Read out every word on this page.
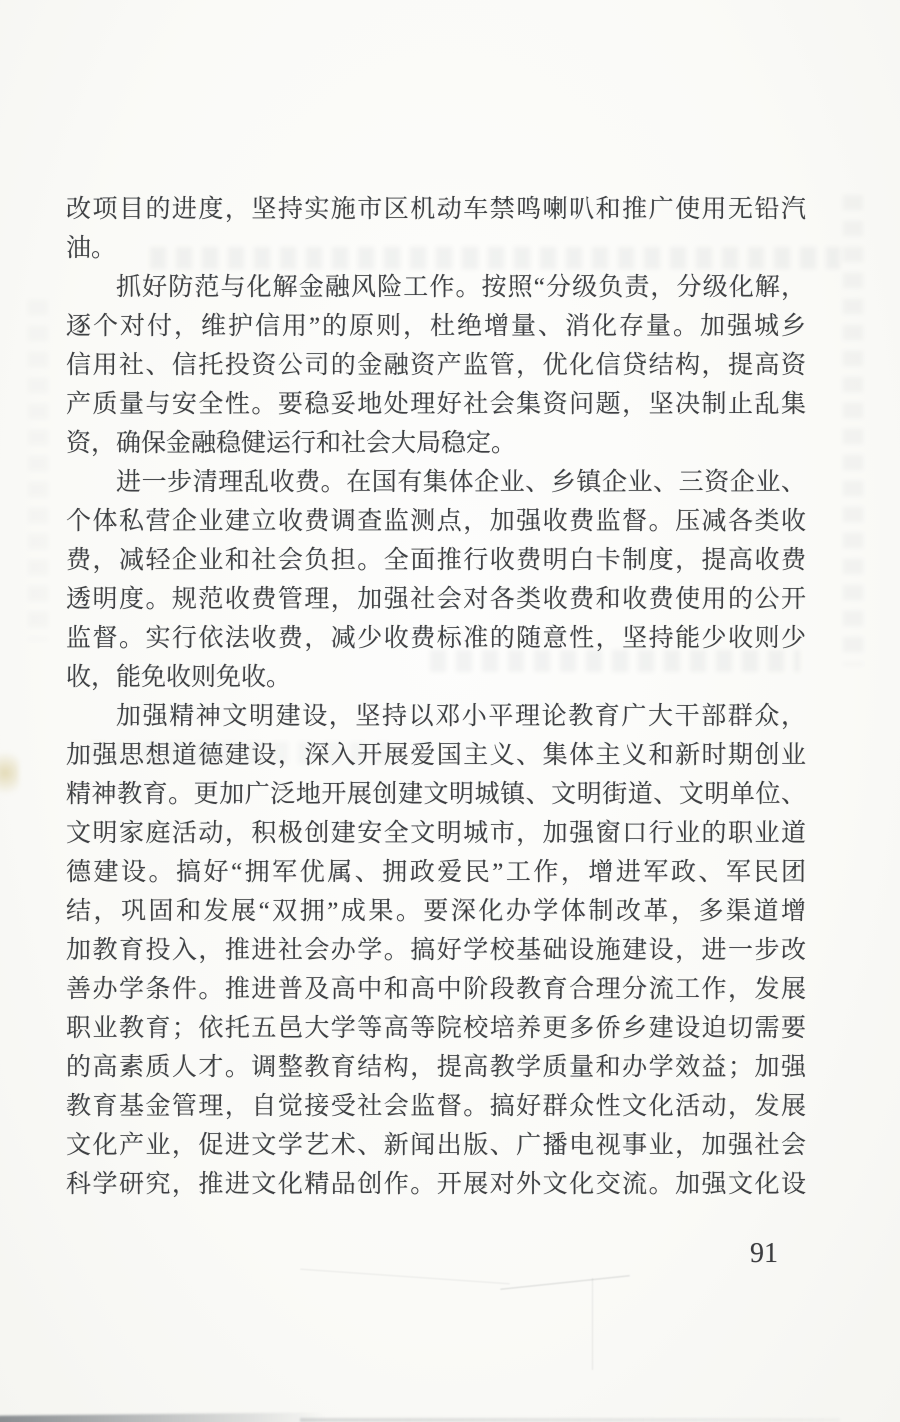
改项目的进度，坚持实施市区机动车禁鸣喇叭和推广使用无铅汽
油。
抓好防范与化解金融风险工作。按照“分级负责，分级化解，
逐个对付，维护信用”的原则，杜绝增量、消化存量。加强城乡
信用社、信托投资公司的金融资产监管，优化信贷结构，提高资
产质量与安全性。要稳妥地处理好社会集资问题，坚决制止乱集
资，确保金融稳健运行和社会大局稳定。
进一步清理乱收费。在国有集体企业、乡镇企业、三资企业、
个体私营企业建立收费调查监测点，加强收费监督。压减各类收
费，减轻企业和社会负担。全面推行收费明白卡制度，提高收费
透明度。规范收费管理，加强社会对各类收费和收费使用的公开
监督。实行依法收费，减少收费标准的随意性，坚持能少收则少
收，能免收则免收。
加强精神文明建设，坚持以邓小平理论教育广大干部群众，
加强思想道德建设，深入开展爱国主义、集体主义和新时期创业
精神教育。更加广泛地开展创建文明城镇、文明街道、文明单位、
文明家庭活动，积极创建安全文明城市，加强窗口行业的职业道
德建设。搞好“拥军优属、拥政爱民”工作，增进军政、军民团
结，巩固和发展“双拥”成果。要深化办学体制改革，多渠道增
加教育投入，推进社会办学。搞好学校基础设施建设，进一步改
善办学条件。推进普及高中和高中阶段教育合理分流工作，发展
职业教育；依托五邑大学等高等院校培养更多侨乡建设迫切需要
的高素质人才。调整教育结构，提高教学质量和办学效益；加强
教育基金管理，自觉接受社会监督。搞好群众性文化活动，发展
文化产业，促进文学艺术、新闻出版、广播电视事业，加强社会
科学研究，推进文化精品创作。开展对外文化交流。加强文化设
91
